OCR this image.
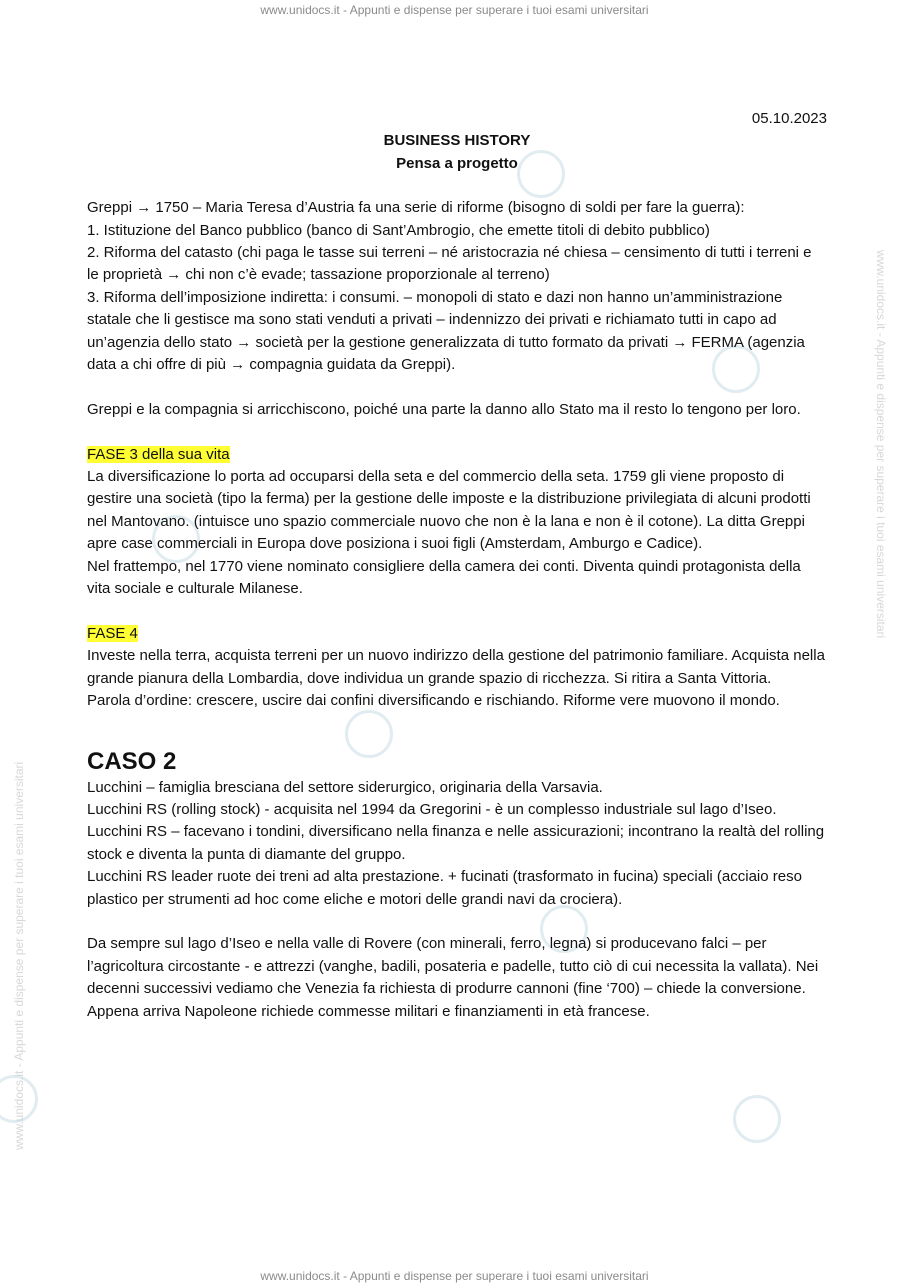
www.unidocs.it - Appunti e dispense per superare i tuoi esami universitari
www.unidocs.it - Appunti e dispense per superare i tuoi esami universitari
www.unidocs.it - Appunti e dispense per superare i tuoi esami universitari
www.unidocs.it - Appunti e dispense per superare i tuoi esami universitari

05.10.2023

BUSINESS HISTORY

Pensa a progetto

Greppi → 1750 – Maria Teresa d’Austria fa una serie di riforme (bisogno di soldi per fare la guerra):

1. Istituzione del Banco pubblico (banco di Sant’Ambrogio, che emette titoli di debito pubblico)

2. Riforma del catasto (chi paga le tasse sui terreni – né aristocrazia né chiesa – censimento di tutti i terreni e le proprietà → chi non c’è evade; tassazione proporzionale al terreno)

3. Riforma dell’imposizione indiretta: i consumi. – monopoli di stato e dazi non hanno un’amministrazione statale che li gestisce ma sono stati venduti a privati – indennizzo dei privati e richiamato tutti in capo ad un’agenzia dello stato → società per la gestione generalizzata di tutto formato da privati → FERMA (agenzia data a chi offre di più → compagnia guidata da Greppi).

Greppi e la compagnia si arricchiscono, poiché una parte la danno allo Stato ma il resto lo tengono per loro.

FASE 3 della sua vita

La diversificazione lo porta ad occuparsi della seta e del commercio della seta. 1759 gli viene proposto di gestire una società (tipo la ferma) per la gestione delle imposte e la distribuzione privilegiata di alcuni prodotti nel Mantovano. (intuisce uno spazio commerciale nuovo che non è la lana e non è il cotone). La ditta Greppi apre case commerciali in Europa dove posiziona i suoi figli (Amsterdam, Amburgo e Cadice).

Nel frattempo, nel 1770 viene nominato consigliere della camera dei conti. Diventa quindi protagonista della vita sociale e culturale Milanese.

FASE 4

Investe nella terra, acquista terreni per un nuovo indirizzo della gestione del patrimonio familiare. Acquista nella grande pianura della Lombardia, dove individua un grande spazio di ricchezza. Si ritira a Santa Vittoria.

Parola d’ordine: crescere, uscire dai confini diversificando e rischiando. Riforme vere muovono il mondo.

CASO 2

Lucchini – famiglia bresciana del settore siderurgico, originaria della Varsavia.

Lucchini RS (rolling stock) - acquisita nel 1994 da Gregorini - è un complesso industriale sul lago d’Iseo.

Lucchini RS – facevano i tondini, diversificano nella finanza e nelle assicurazioni; incontrano la realtà del rolling stock e diventa la punta di diamante del gruppo.

Lucchini RS leader ruote dei treni ad alta prestazione. + fucinati (trasformato in fucina) speciali (acciaio reso plastico per strumenti ad hoc come eliche e motori delle grandi navi da crociera).

Da sempre sul lago d’Iseo e nella valle di Rovere (con minerali, ferro, legna) si producevano falci – per l’agricoltura circostante - e attrezzi (vanghe, badili, posateria e padelle, tutto ciò di cui necessita la vallata). Nei decenni successivi vediamo che Venezia fa richiesta di produrre cannoni (fine ‘700) – chiede la conversione.

Appena arriva Napoleone richiede commesse militari e finanziamenti in età francese.
